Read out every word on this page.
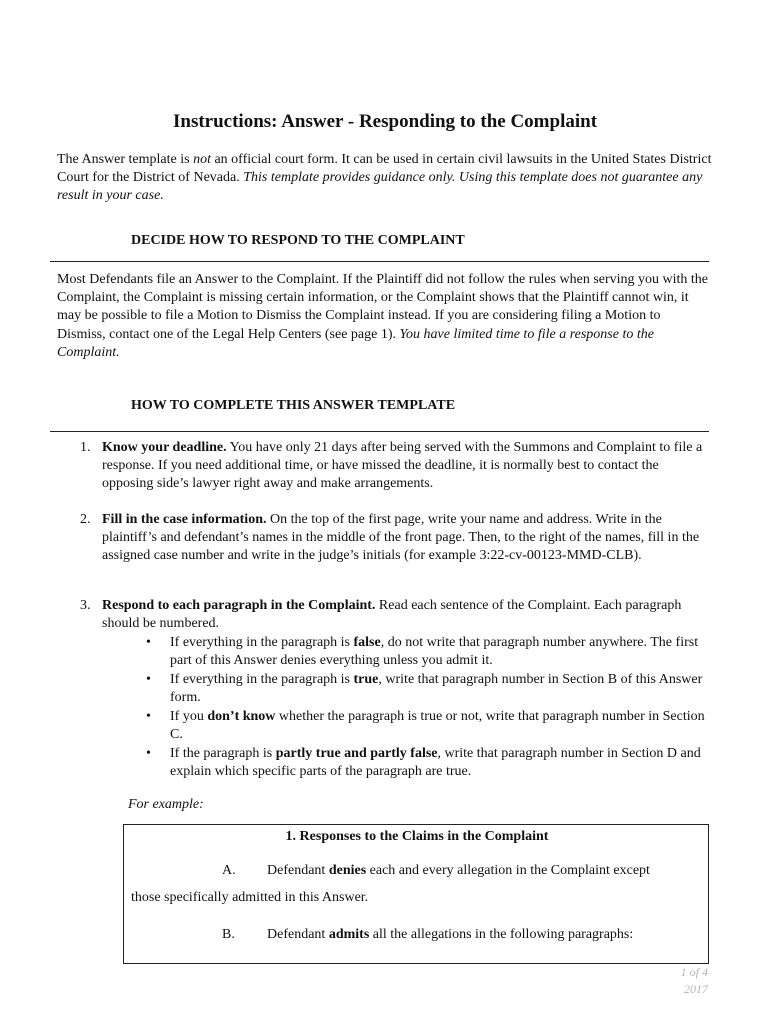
Instructions: Answer - Responding to the Complaint
The Answer template is not an official court form. It can be used in certain civil lawsuits in the United States District Court for the District of Nevada. This template provides guidance only. Using this template does not guarantee any result in your case.
DECIDE HOW TO RESPOND TO THE COMPLAINT
Most Defendants file an Answer to the Complaint. If the Plaintiff did not follow the rules when serving you with the Complaint, the Complaint is missing certain information, or the Complaint shows that the Plaintiff cannot win, it may be possible to file a Motion to Dismiss the Complaint instead. If you are considering filing a Motion to Dismiss, contact one of the Legal Help Centers (see page 1). You have limited time to file a response to the Complaint.
HOW TO COMPLETE THIS ANSWER TEMPLATE
1. Know your deadline. You have only 21 days after being served with the Summons and Complaint to file a response. If you need additional time, or have missed the deadline, it is normally best to contact the opposing side’s lawyer right away and make arrangements.
2. Fill in the case information. On the top of the first page, write your name and address. Write in the plaintiff’s and defendant’s names in the middle of the front page. Then, to the right of the names, fill in the assigned case number and write in the judge’s initials (for example 3:22-cv-00123-MMD-CLB).
3. Respond to each paragraph in the Complaint. Read each sentence of the Complaint. Each paragraph should be numbered.
• If everything in the paragraph is false, do not write that paragraph number anywhere. The first part of this Answer denies everything unless you admit it.
• If everything in the paragraph is true, write that paragraph number in Section B of this Answer form.
• If you don’t know whether the paragraph is true or not, write that paragraph number in Section C.
• If the paragraph is partly true and partly false, write that paragraph number in Section D and explain which specific parts of the paragraph are true.
For example:
1. Responses to the Claims in the Complaint
A. Defendant denies each and every allegation in the Complaint except
those specifically admitted in this Answer.
B. Defendant admits all the allegations in the following paragraphs:
1 of 4
2017
